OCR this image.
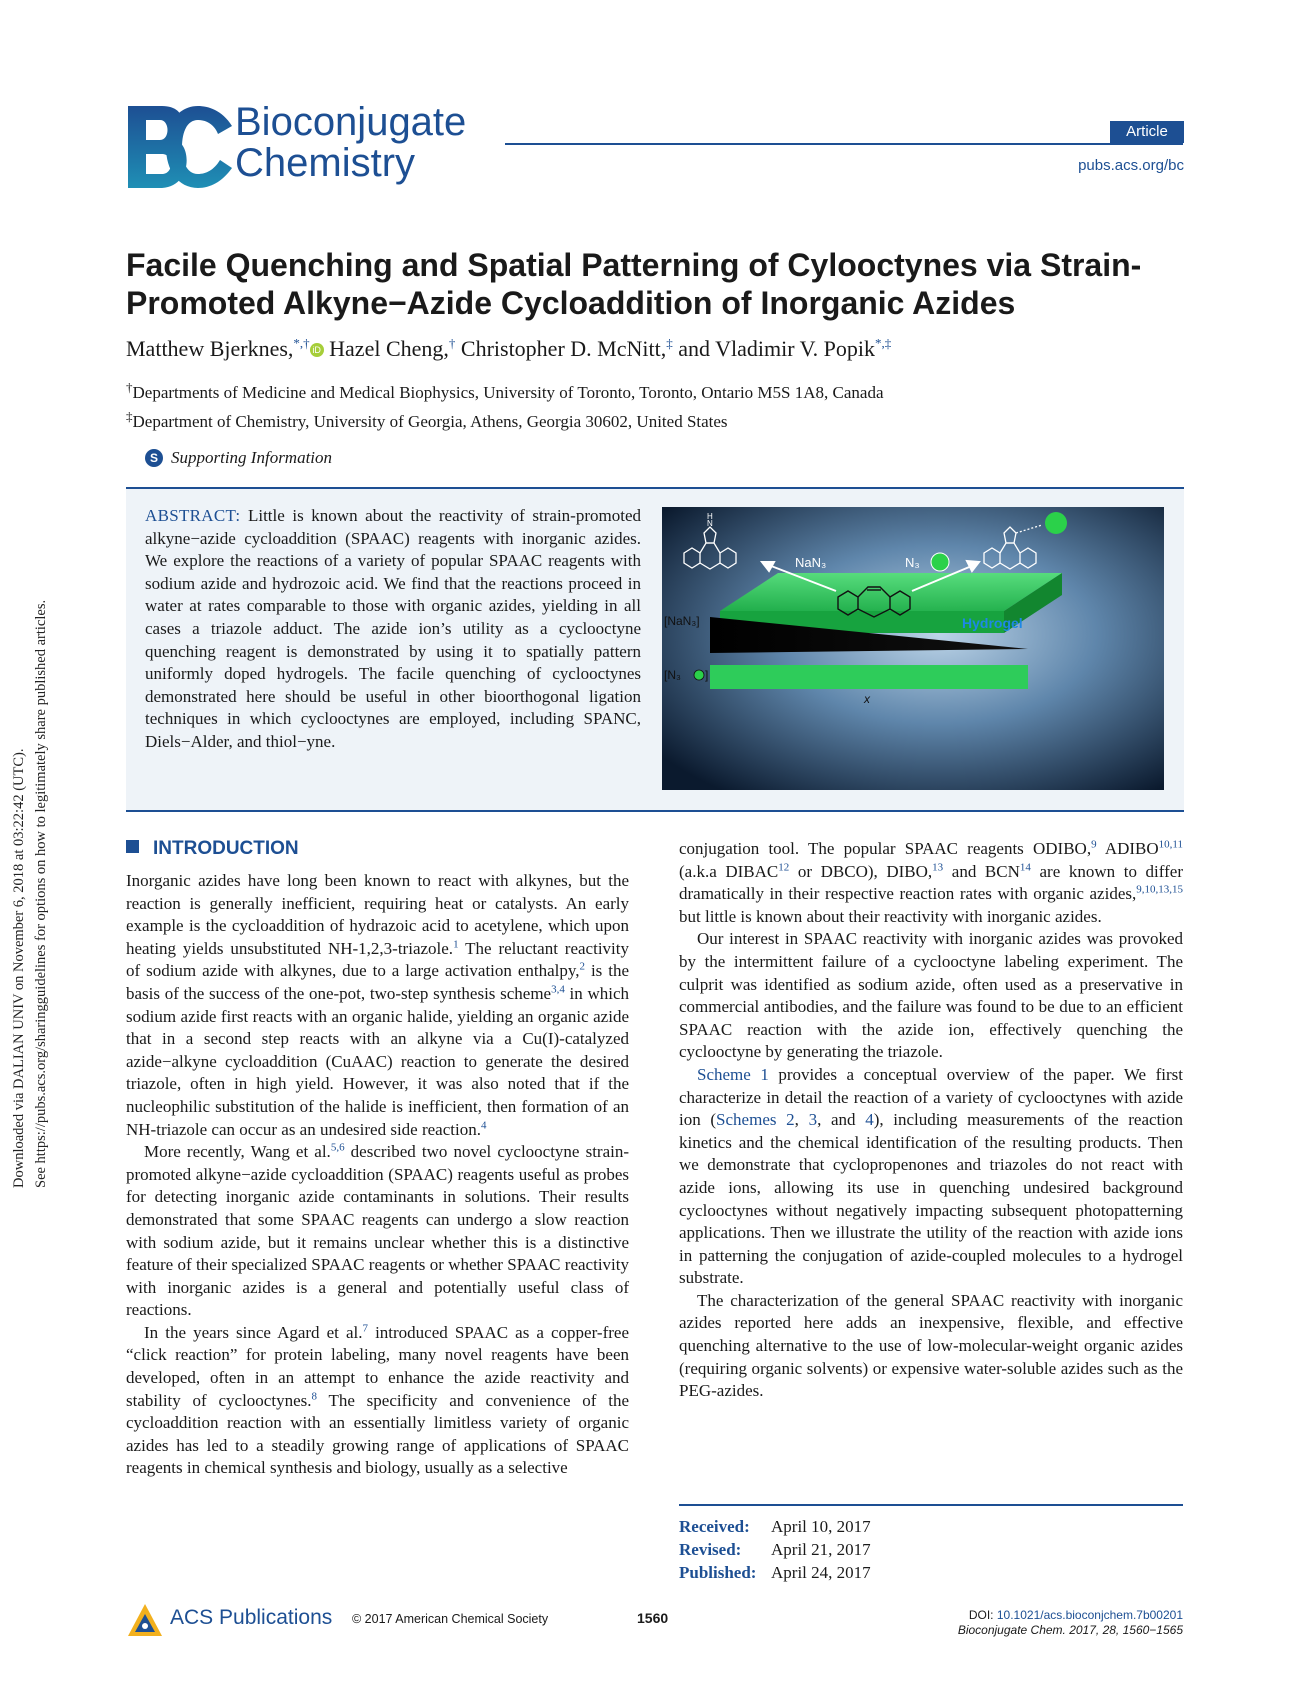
Downloaded via DALIAN UNIV on November 6, 2018 at 03:22:42 (UTC). See https://pubs.acs.org/sharingguidelines for options on how to legitimately share published articles.
Bioconjugate
Chemistry
Article
pubs.acs.org/bc
Facile Quenching and Spatial Patterning of Cylooctynes via Strain-Promoted Alkyne−Azide Cycloaddition of Inorganic Azides
Matthew Bjerknes,*,† iD Hazel Cheng,† Christopher D. McNitt,‡ and Vladimir V. Popik*,‡
†Departments of Medicine and Medical Biophysics, University of Toronto, Toronto, Ontario M5S 1A8, Canada
‡Department of Chemistry, University of Georgia, Athens, Georgia 30602, United States
S Supporting Information
ABSTRACT: Little is known about the reactivity of strain-promoted alkyne−azide cycloaddition (SPAAC) reagents with inorganic azides. We explore the reactions of a variety of popular SPAAC reagents with sodium azide and hydrozoic acid. We find that the reactions proceed in water at rates comparable to those with organic azides, yielding in all cases a triazole adduct. The azide ion’s utility as a cyclooctyne quenching reagent is demonstrated by using it to spatially pattern uniformly doped hydrogels. The facile quenching of cyclooctynes demonstrated here should be useful in other bioorthogonal ligation techniques in which cyclooctynes are employed, including SPANC, Diels−Alder, and thiol−yne.
Hydrogel
NaN₃	N₃
H
N
[NaN₃]
[N₃ ]
x
INTRODUCTION

Inorganic azides have long been known to react with alkynes, but the reaction is generally inefficient, requiring heat or catalysts. An early example is the cycloaddition of hydrazoic acid to acetylene, which upon heating yields unsubstituted NH-1,2,3-triazole.$^1$ The reluctant reactivity of sodium azide with alkynes, due to a large activation enthalpy,$^2$ is the basis of the success of the one-pot, two-step synthesis scheme$^{3,4}$ in which sodium azide first reacts with an organic halide, yielding an organic azide that in a second step reacts with an alkyne via a Cu(I)-catalyzed azide−alkyne cycloaddition (CuAAC) reaction to generate the desired triazole, often in high yield. However, it was also noted that if the nucleophilic substitution of the halide is inefficient, then formation of an NH-triazole can occur as an undesired side reaction.$^4$

More recently, Wang et al.$^{5,6}$ described two novel cyclooctyne strain-promoted alkyne−azide cycloaddition (SPAAC) reagents useful as probes for detecting inorganic azide contaminants in solutions. Their results demonstrated that some SPAAC reagents can undergo a slow reaction with sodium azide, but it remains unclear whether this is a distinctive feature of their specialized SPAAC reagents or whether SPAAC reactivity with inorganic azides is a general and potentially useful class of reactions.

In the years since Agard et al.$^7$ introduced SPAAC as a copper-free “click reaction” for protein labeling, many novel reagents have been developed, often in an attempt to enhance the azide reactivity and stability of cyclooctynes.$^8$ The specificity and convenience of the cycloaddition reaction with an essentially limitless variety of organic azides has led to a steadily growing range of applications of SPAAC reagents in chemical synthesis and biology, usually as a selective

conjugation tool. The popular SPAAC reagents ODIBO,$^9$ ADIBO$^{10,11}$ (a.k.a DIBAC$^{12}$ or DBCO), DIBO,$^{13}$ and BCN$^{14}$ are known to differ dramatically in their respective reaction rates with organic azides,$^{9,10,13,15}$ but little is known about their reactivity with inorganic azides.

Our interest in SPAAC reactivity with inorganic azides was provoked by the intermittent failure of a cyclooctyne labeling experiment. The culprit was identified as sodium azide, often used as a preservative in commercial antibodies, and the failure was found to be due to an efficient SPAAC reaction with the azide ion, effectively quenching the cyclooctyne by generating the triazole.

Scheme 1 provides a conceptual overview of the paper. We first characterize in detail the reaction of a variety of cyclooctynes with azide ion (Schemes 2, 3, and 4), including measurements of the reaction kinetics and the chemical identification of the resulting products. Then we demonstrate that cyclopropenones and triazoles do not react with azide ions, allowing its use in quenching undesired background cyclooctynes without negatively impacting subsequent photopatterning applications. Then we illustrate the utility of the reaction with azide ions in patterning the conjugation of azide-coupled molecules to a hydrogel substrate.

The characterization of the general SPAAC reactivity with inorganic azides reported here adds an inexpensive, flexible, and effective quenching alternative to the use of low-molecular-weight organic azides (requiring organic solvents) or expensive water-soluble azides such as the PEG-azides.

Received: April 10, 2017
Revised: April 21, 2017
Published: April 24, 2017
ACS Publications © 2017 American Chemical Society	1560	DOI: 10.1021/acs.bioconjchem.7b00201
Bioconjugate Chem. 2017, 28, 1560−1565
